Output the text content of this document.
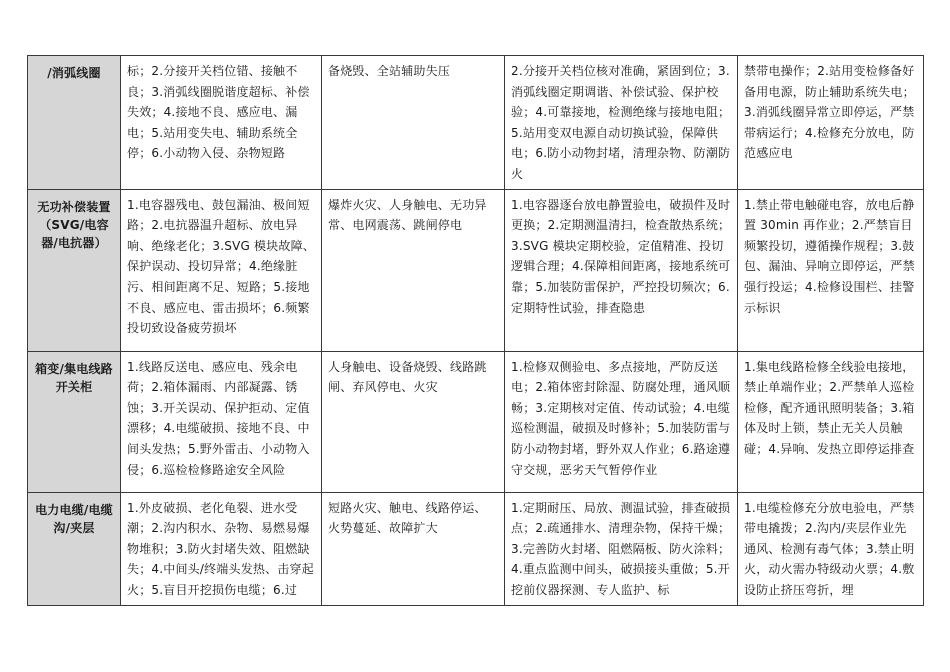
/消弧线圈	标；2.分接开关档位错、接触不良；3.消弧线圈脱谐度超标、补偿失效；4.接地不良、感应电、漏电；5.站用变失电、辅助系统全停；6.小动物入侵、杂物短路	备烧毁、全站辅助失压	2.分接开关档位核对准确，紧固到位；3.消弧线圈定期调谐、补偿试验、保护校验；4.可靠接地，检测绝缘与接地电阻；5.站用变双电源自动切换试验，保障供电；6.防小动物封堵，清理杂物、防潮防火	禁带电操作；2.站用变检修备好备用电源，防止辅助系统失电；3.消弧线圈异常立即停运，严禁带病运行；4.检修充分放电，防范感应电
无功补偿装置（SVG/电容器/电抗器）	1.电容器残电、鼓包漏油、极间短路；2.电抗器温升超标、放电异响、绝缘老化；3.SVG 模块故障、保护误动、投切异常；4.绝缘脏污、相间距离不足、短路；5.接地不良、感应电、雷击损坏；6.频繁投切致设备疲劳损坏	爆炸火灾、人身触电、无功异常、电网震荡、跳闸停电	1.电容器逐台放电静置验电，破损件及时更换；2.定期测温清扫，检查散热系统；3.SVG 模块定期校验，定值精准、投切逻辑合理；4.保障相间距离，接地系统可靠；5.加装防雷保护，严控投切频次；6.定期特性试验，排查隐患	1.禁止带电触碰电容，放电后静置 30min 再作业；2.严禁盲目频繁投切，遵循操作规程；3.鼓包、漏油、异响立即停运，严禁强行投运；4.检修设围栏、挂警示标识
箱变/集电线路开关柜	1.线路反送电、感应电、残余电荷；2.箱体漏雨、内部凝露、锈蚀；3.开关误动、保护拒动、定值漂移；4.电缆破损、接地不良、中间头发热；5.野外雷击、小动物入侵；6.巡检检修路途安全风险	人身触电、设备烧毁、线路跳闸、弃风停电、火灾	1.检修双侧验电、多点接地，严防反送电；2.箱体密封除湿、防腐处理，通风顺畅；3.定期核对定值、传动试验；4.电缆巡检测温，破损及时修补；5.加装防雷与防小动物封堵，野外双人作业；6.路途遵守交规，恶劣天气暂停作业	1.集电线路检修全线验电接地，禁止单端作业；2.严禁单人巡检检修，配齐通讯照明装备；3.箱体及时上锁，禁止无关人员触碰；4.异响、发热立即停运排查
电力电缆/电缆沟/夹层	1.外皮破损、老化龟裂、进水受潮；2.沟内积水、杂物、易燃易爆物堆积；3.防火封堵失效、阻燃缺失；4.中间头/终端头发热、击穿起火；5.盲目开挖损伤电缆；6.过	短路火灾、触电、线路停运、火势蔓延、故障扩大	1.定期耐压、局放、测温试验，排查破损点；2.疏通排水、清理杂物，保持干燥；3.完善防火封堵、阻燃隔板、防火涂料；4.重点监测中间头，破损接头重做；5.开挖前仪器探测、专人监护、标	1.电缆检修充分放电验电，严禁带电撬拨；2.沟内/夹层作业先通风、检测有毒气体；3.禁止明火，动火需办特级动火票；4.敷设防止挤压弯折，埋
